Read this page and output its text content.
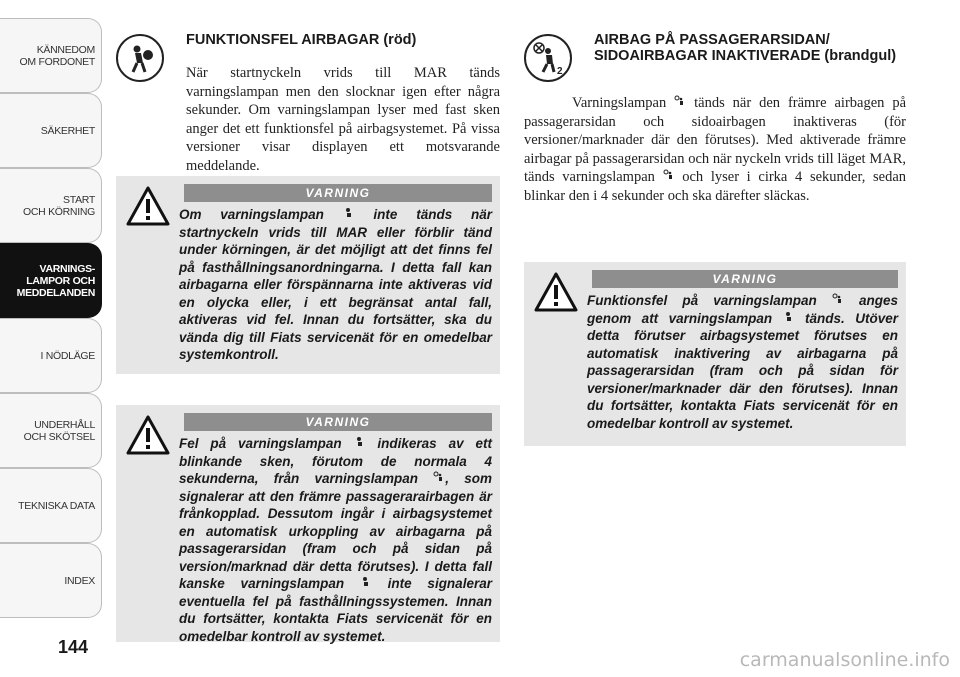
KÄNNEDOM
OM FORDONET
SÄKERHET
START
OCH KÖRNING
VARNINGS-
LAMPOR OCH
MEDDELANDEN
I NÖDLÄGE
UNDERHÅLL
OCH SKÖTSEL
TEKNISKA DATA
INDEX
144
FUNKTIONSFEL AIRBAGAR (röd)
När startnyckeln vrids till MAR tänds varningslampan men den slocknar igen efter några sekunder. Om varningslampan lyser med fast sken anger det ett funktionsfel på airbagsystemet. På vissa versioner visar displayen ett motsvarande meddelande.
2
AIRBAG PÅ PASSAGERARSIDAN/ SIDOAIRBAGAR INAKTIVERADE (brandgul)
Varningslampan tänds när den främre airbagen på passagerarsidan och sidoairbagen inaktiveras (för versioner/marknader där den förutses). Med aktiverade främre airbagar på passagerarsidan och när nyckeln vrids till läget MAR, tänds varningslampan och lyser i cirka 4 sekunder, sedan blinkar den i 4 sekunder och ska därefter släckas.
VARNING
Om varningslampan	inte tänds när startnyckeln vrids till MAR eller förblir tänd under körningen, är det möjligt att det finns fel på fasthållningsanordningarna. I detta fall kan airbagarna eller förspännarna inte aktiveras vid en olycka eller, i ett begränsat antal fall, aktiveras vid fel. Innan du fortsätter, ska du vända dig till Fiats servicenät för en omedelbar systemkontroll.
VARNING
Fel på varningslampan	indikeras av ett blinkande sken, förutom de normala 4 sekunderna, från varningslampan , som signalerar att den främre passagerarairbagen är frånkopplad. Dessutom ingår i airbagsystemet en automatisk urkoppling av airbagarna på passagerarsidan (fram och på sidan på version/marknad där detta förutses). I detta fall kanske varningslampan	inte signalerar eventuella fel på fasthållningssystemen. Innan du fortsätter, kontakta Fiats servicenät för en omedelbar kontroll av systemet.
VARNING
Funktionsfel på varningslampan	anges genom att varningslampan tänds. Utöver detta förutser airbagsystemet förutses en automatisk inaktivering av airbagarna på passagerarsidan (fram och på sidan för versioner/marknader där den förutses). Innan du fortsätter, kontakta Fiats servicenät för en omedelbar kontroll av systemet.
carmanualsonline.info
